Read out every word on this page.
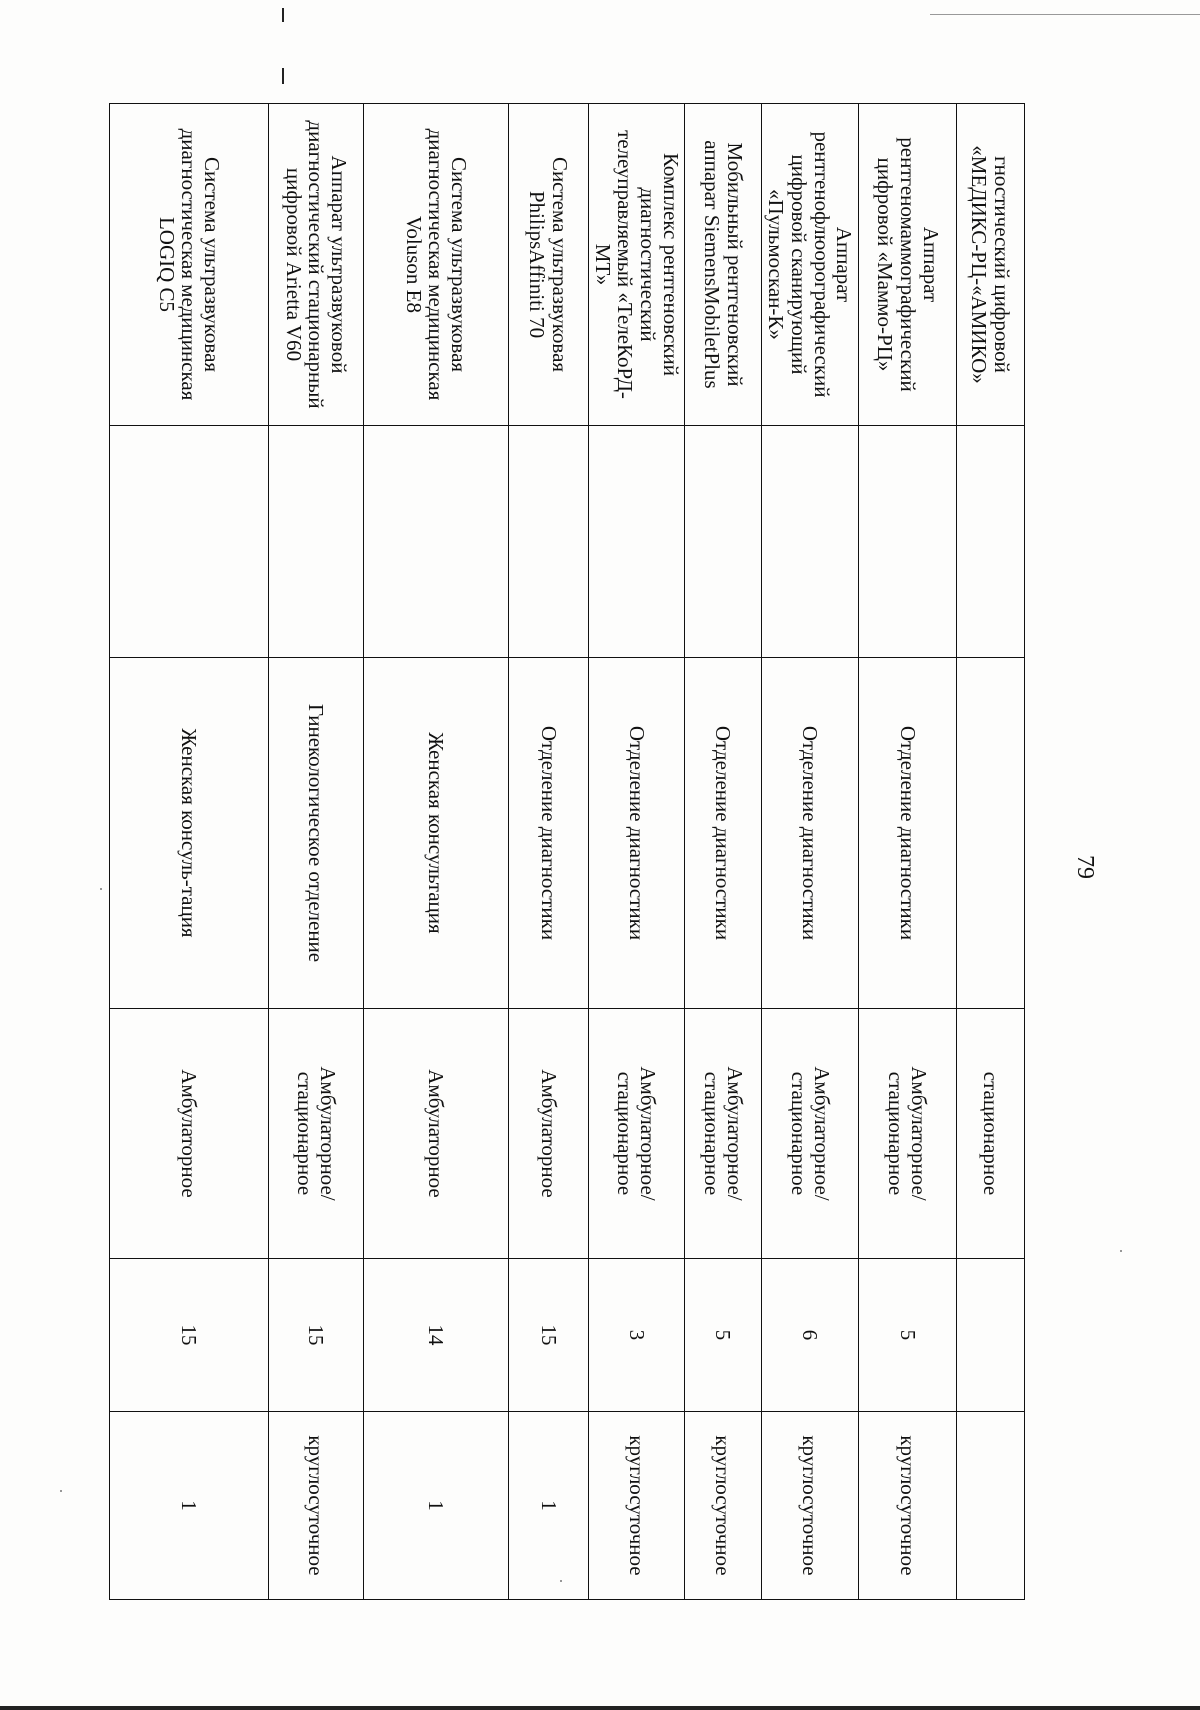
79
гностический цифровой «МЕДИКС-РЦ-«АМИКО»			стационарное		
Аппарат рентгеномаммографический цифровой «Маммо-РЦ»		Отделение диагностики	Амбулаторное/ стационарное	5	круглосуточное
Аппарат рентгенофлюорографический цифровой сканирующий «Пульмоскан-К»		Отделение диагностики	Амбулаторное/ стационарное	6	круглосуточное
Мобильный рентгеновский аппарат SiemensMobiletPlus		Отделение диагностики	Амбулаторное/ стационарное	5	круглосуточное
Комплекс рентгеновский диагностический телеуправляемый «ТелеКоРД-МТ»		Отделение диагностики	Амбулаторное/ стационарное	3	круглосуточное
Система ультразвуковая PhilipsAffiniti 70		Отделение диагностики	Амбулаторное	15	1
Система ультразвуковая диагностическая медицинская Voluson E8		Женская консультация	Амбулаторное	14	1
Аппарат ультразвуковой диагностический стационарный цифровой Arietta V60		Гинекологическое отделение	Амбулаторное/ стационарное	15	круглосуточное
Система ультразвуковая диагностическая медицинская LOGIQ C5		Женская консуль-тация	Амбулаторное	15	1
